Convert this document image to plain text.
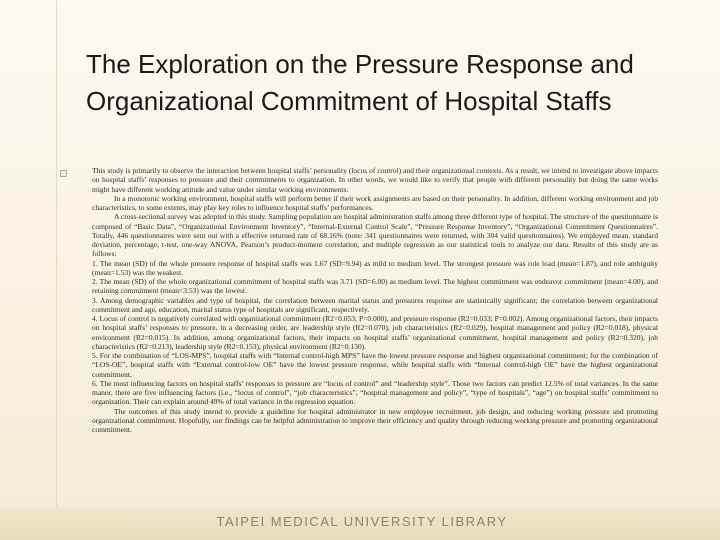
The Exploration on the Pressure Response and Organizational Commitment of Hospital Staffs

This study is primarily to observe the interaction between hospital staffs’ personality (locus of control) and their organizational contexts. As a result, we intend to investigate above impacts on hospital staffs’ responses to pressure and their commitments to organization. In other words, we would like to verify that people with different personality but doing the same works might have different working attitude and value under similar working environments.

In a monotonic working environment, hospital staffs will perform better if their work assignments are based on their personality. In addition, different working environment and job characteristics, to some extents, may play key roles to influence hospital staffs’ performances.

A cross-sectional survey was adopted in this study. Sampling population are hospital administration staffs among three different type of hospital. The structure of the questionnaire is composed of “Basic Data”, “Organizational Environment Inventory”, “Internal-External Control Scale”, “Pressure Response Inventory”, “Organizational Commitment Questionnaires”. Totally, 446 questionnaires were sent out with a effective returned rate of 68.16% (note: 341 questionnaires were returned, with 304 valid questionnaires). We employed mean, standard deviation, percentage, t-test, one-way ANOVA, Pearson’s product-moment correlation, and multiple regression as our statistical tools to analyze our data. Results of this study are as follows:

1. The mean (SD) of the whole pressure response of hospital staffs was 1.67 (SD=9.94) as mild to medium level. The strongest pressure was role load (mean=1.87), and role ambiguity (mean=1.53) was the weakest.

2. The mean (SD) of the whole organizational commitment of hospital staffs was 3.71 (SD=6.00) as medium level. The highest commitment was endeavor commitment (mean=4.00), and retaining commitment (mean=3.53) was the lowest.

3. Among demographic variables and type of hospital, the correlation between marital status and pressures response are statistically significant; the correlation between organizational commitment and age, education, marital status type of hospitals are significant, respectively.

4. Locus of control is negatively correlated with organizational commitment (R2=0.053; P=0.000), and pressure response (R2=0.033; P=0.002). Among organizational factors, their impacts on hospital staffs’ responses to pressure, in a decreasing order, are leadership style (R2=0.070), job characteristics (R2=0.029), hospital management and policy (R2=0.018), physical environment (R2=0.015). In addition, among organizational factors, their impacts on hospital staffs’ organizational commitment, hospital management and policy (R2=0.320), job characteristics (R2=0.213), leadership style (R2=0.153), physical environment (R2=0.130).

5. For the combination of “LOS-MPS”, hospital staffs with “Internal control-high MPS” have the lowest pressure response and highest organizational commitment; for the combination of “LOS-OE”, hospital staffs with “External control-low OE” have the lowest pressure response, while hospital staffs with “Internal control-high OE” have the highest organizational commitment.

6. The most influencing factors on hospital staffs’ responses to pressure are “locus of control” and “leadership style”. Those two factors can predict 12.5% of total variances. In the same manor, there are five influencing factors (i.e., “locus of control”, “job characteristics”, “hospital management and policy”, “type of hospitals”, “age”) on hospital staffs’ commitment to organization. Their can explain around 49% of total variance in the regression equation.

The outcomes of this study intend to provide a guideline for hospital administrator in new employee recruitment, job design, and reducing working pressure and promoting organizational commitment. Hopefully, our findings can be helpful administration to improve their efficiency and quality through reducing working pressure and promoting organizational commitment.

TAIPEI MEDICAL UNIVERSITY LIBRARY
